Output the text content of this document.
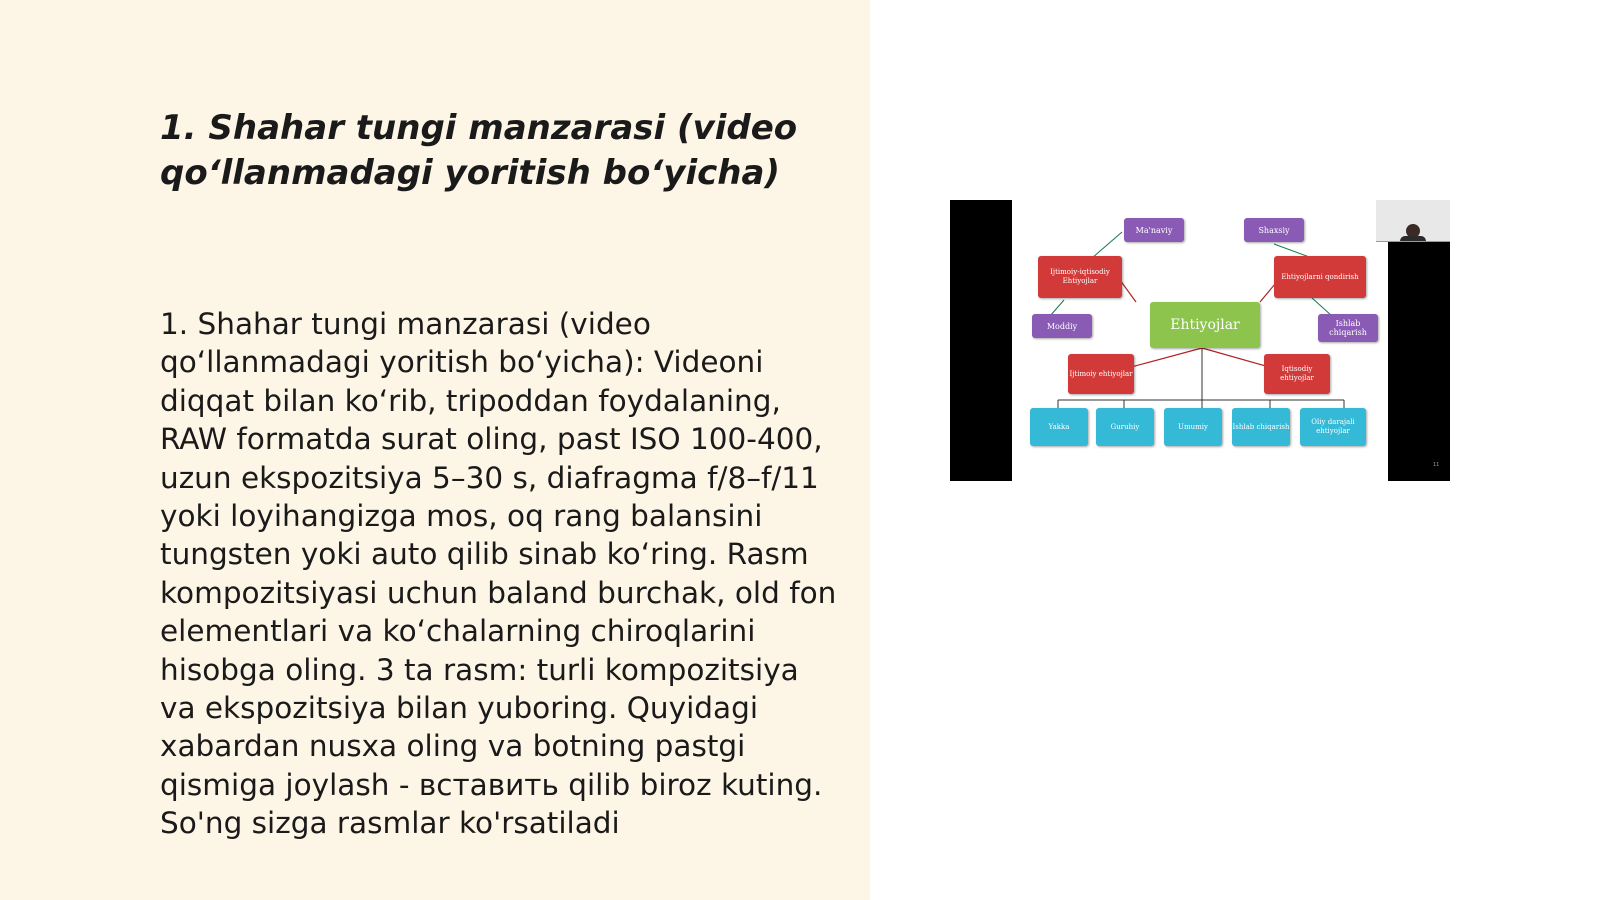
1. Shahar tungi manzarasi (video qo‘llanmadagi yoritish bo‘yicha)

1. Shahar tungi manzarasi (video qo‘llanmadagi yoritish bo‘yicha): Videoni diqqat bilan ko‘rib, tripoddan foydalaning, RAW formatda surat oling, past ISO 100-400, uzun ekspozitsiya 5–30 s, diafragma f/8–f/11 yoki loyihangizga mos, oq rang balansini tungsten yoki auto qilib sinab ko‘ring. Rasm kompozitsiyasi uchun baland burchak, old fon elementlari va ko‘chalarning chiroqlarini hisobga oling. 3 ta rasm: turli kompozitsiya va ekspozitsiya bilan yuboring. Quyidagi xabardan nusxa oling va botning pastgi qismiga joylash - вставить qilib biroz kuting. So'ng sizga rasmlar ko'rsatiladi

Ma'naviy	Shaxsiy
Ijtimoiy-iqtisodiy Ehtiyojlar
Ehtiyojlarni qondirish
Moddiy	Ehtiyojlar	Ishlab chiqarish
Ijtimoiy ehtiyojlar
Iqtisodiy ehtiyojlar
Yakka	Guruhiy	Umumiy	Ishlab chiqarish
Oliy darajali ehtiyojlar
11
